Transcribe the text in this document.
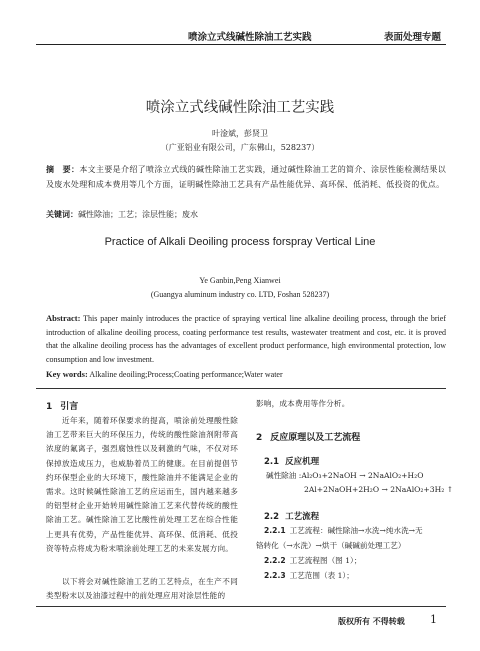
喷涂立式线碱性除油工艺实践	表面处理专题
喷涂立式线碱性除油工艺实践
叶淦斌，彭贤卫
（广亚铝业有限公司，广东佛山，528237）
摘　要：本文主要是介绍了喷涂立式线的碱性除油工艺实践，通过碱性除油工艺的简介、涂层性能检测结果以及废水处理和成本费用等几个方面，证明碱性除油工艺具有产品性能优异、高环保、低消耗、低投资的优点。
关键词：碱性除油；工艺；涂层性能；废水
Practice of Alkali Deoiling process forspray Vertical Line
Ye Ganbin,Peng Xianwei
(Guangya aluminum industry co. LTD, Foshan 528237)
Abstract: This paper mainly introduces the practice of spraying vertical line alkaline deoiling process, through the brief introduction of alkaline deoiling process, coating performance test results, wastewater treatment and cost, etc. it is proved that the alkaline deoiling process has the advantages of excellent product performance, high environmental protection, low consumption and low investment.
Key words: Alkaline deoiling;Process;Coating performance;Water water
1 引言
近年来，随着环保要求的提高，喷涂前处理酸性除油工艺带来巨大的环保压力，传统的酸性除油剂附带高浓度的氟离子，强烈腐蚀性以及刺激的气味，不仅对环保掉放造成压力，也威胁着员工的健康。在目前提倡节约环保型企业的大环境下，酸性除油并不能满足企业的需求。这时候碱性除油工艺的应运而生，国内越来越多的铝型材企业开始转用碱性除油工艺来代替传统的酸性除油工艺。碱性除油工艺比酸性前处理工艺在综合性能上更具有优势，产品性能优异、高环保、低消耗、低投资等特点将成为粉末喷涂前处理工艺的未来发展方向。
以下将会对碱性除油工艺的工艺特点，在生产不同类型粉末以及油漆过程中的前处理应用对涂层性能的
影响，成本费用等作分析。
2 反应原理以及工艺流程
2.1 反应机理
碱性除油 :Al₂O₃+2NaOH → 2NaAlO₂+H₂O
2Al+2NaOH+2H₂O → 2NaAlO₂+3H₂ ↑
2.2 工艺流程
2.2.1 工艺流程：碱性除油→水洗→纯水洗→无
铬转化（→水洗）→烘干（碱碱前处理工艺）
2.2.2 工艺流程图（图 1）；
2.2.3 工艺范围（表 1）；
版权所有 不得转载 1
